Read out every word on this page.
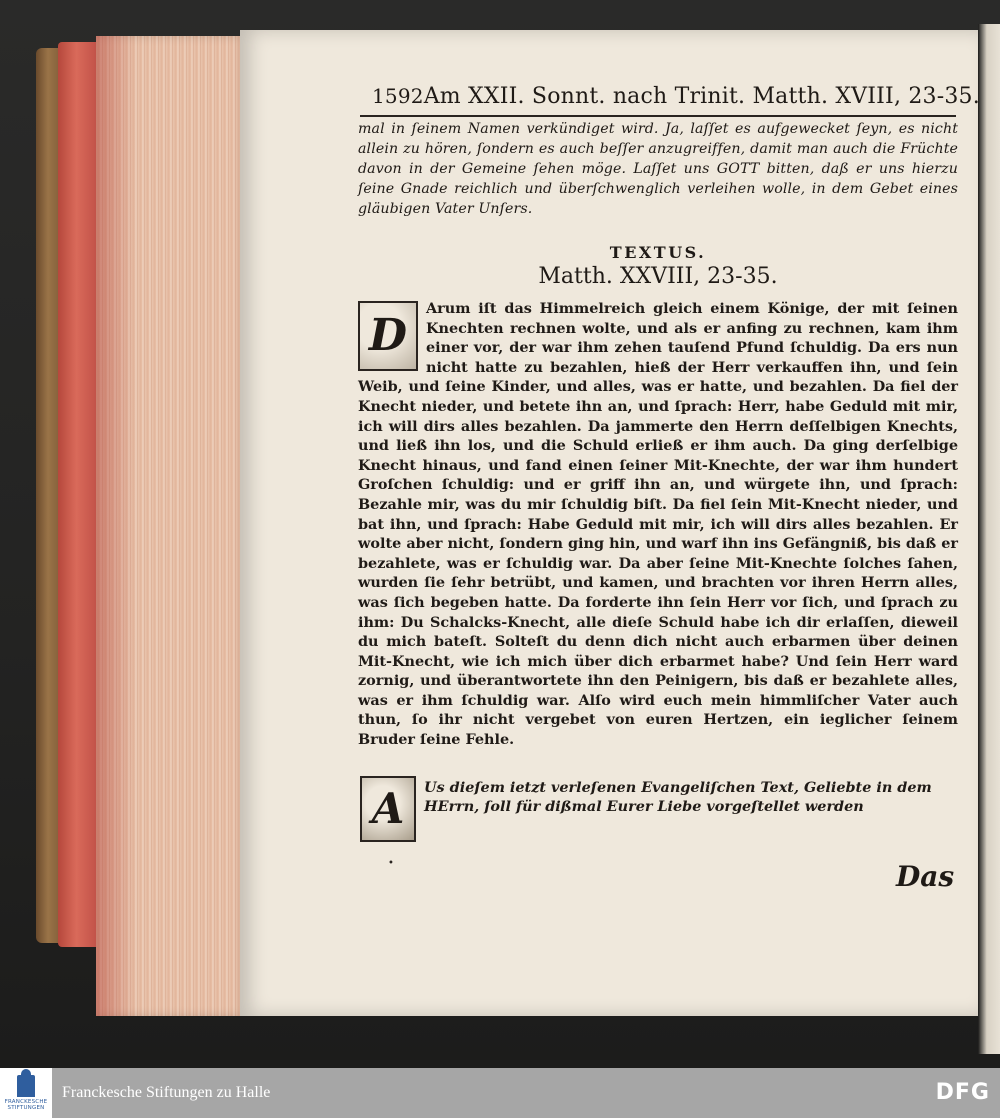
1592 Am XXII. Sonnt. nach Trinit. Matth. XVIII, 23-35.
mal in ſeinem Namen verkündiget wird. Ja, laſſet es aufgewecket ſeyn, es nicht allein zu hören, ſondern es auch beſſer anzugreiffen, damit man auch die Früchte davon in der Gemeine ſehen möge. Laſſet uns GOTT bitten, daß er uns hierzu ſeine Gnade reichlich und überſchwenglich verleihen wolle, in dem Gebet eines gläubigen Vater Unſers.
TEXTUS.
Matth. XXVIII, 23-35.
D
Arum iſt das Himmelreich gleich einem Könige, der mit ſeinen Knechten rechnen wolte, und als er anfing zu rechnen, kam ihm einer vor, der war ihm zehen tauſend Pfund ſchuldig. Da ers nun nicht hatte zu bezahlen, hieß der Herr verkauffen ihn, und ſein Weib, und ſeine Kinder, und alles, was er hatte, und bezahlen. Da fiel der Knecht nieder, und betete ihn an, und ſprach: Herr, habe Geduld mit mir, ich will dirs alles bezahlen. Da jammerte den Herrn deſſelbigen Knechts, und ließ ihn los, und die Schuld erließ er ihm auch. Da ging derſelbige Knecht hinaus, und fand einen ſeiner Mit-Knechte, der war ihm hundert Groſchen ſchuldig: und er griff ihn an, und würgete ihn, und ſprach: Bezahle mir, was du mir ſchuldig biſt. Da fiel ſein Mit-Knecht nieder, und bat ihn, und ſprach: Habe Geduld mit mir, ich will dirs alles bezahlen. Er wolte aber nicht, ſondern ging hin, und warf ihn ins Gefängniß, bis daß er bezahlete, was er ſchuldig war. Da aber ſeine Mit-Knechte ſolches ſahen, wurden ſie ſehr betrübt, und kamen, und brachten vor ihren Herrn alles, was ſich begeben hatte. Da forderte ihn ſein Herr vor ſich, und ſprach zu ihm: Du Schalcks-Knecht, alle dieſe Schuld habe ich dir erlaſſen, dieweil du mich bateſt. Solteſt du denn dich nicht auch erbarmen über deinen Mit-Knecht, wie ich mich über dich erbarmet habe? Und ſein Herr ward zornig, und überantwortete ihn den Peinigern, bis daß er bezahlete alles, was er ihm ſchuldig war. Alſo wird euch mein himmliſcher Vater auch thun, ſo ihr nicht vergebet von euren Hertzen, ein ieglicher ſeinem Bruder ſeine Fehle.
A	Us dieſem ietzt verleſenen Evangeliſchen Text, Geliebte in dem HErrn, ſoll für dißmal Eurer Liebe vorgeſtellet werden
•	Das
FRANCKESCHE STIFTUNGEN
Franckesche Stiftungen zu Halle	DFG
